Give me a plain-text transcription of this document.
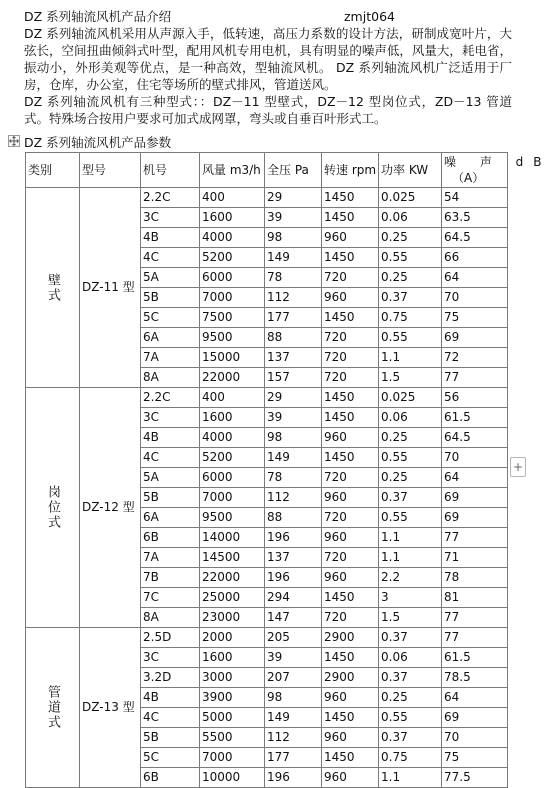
DZ 系列轴流风机产品介绍	zmjt064

DZ 系列轴流风机采用从声源入手，低转速，高压力系数的设计方法，研制成宽叶片，大弦长，空间扭曲倾斜式叶型，配用风机专用电机，具有明显的噪声低，风量大，耗电省，振动小，外形美观等优点，是一种高效，型轴流风机。 DZ 系列轴流风机广泛适用于厂房，仓库，办公室，住宅等场所的壁式排风，管道送风。

DZ 系列轴流风机有三种型式：：DZ－11 型壁式，DZ－12 型岗位式，ZD－13 管道式。特殊场合按用户要求可加式成网罩，弯头或自垂百叶形式工。

DZ 系列轴流风机产品参数
类别	型号	机号	风量 m3/h	全压 Pa	转速 rpm	功率 KW	噪 声 dB
（A）

壁式	DZ-11 型	2.2C	400	29	1450	0.025	54
		3C	1600	39	1450	0.06	63.5
		4B	4000	98	960	0.25	64.5
		4C	5200	149	1450	0.55	66
		5A	6000	78	720	0.25	64
		5B	7000	112	960	0.37	70
		5C	7500	177	1450	0.75	75
		6A	9500	88	720	0.55	69
		7A	15000	137	720	1.1	72
		8A	22000	157	720	1.5	77
岗位式	DZ-12 型	2.2C	400	29	1450	0.025	56
		3C	1600	39	1450	0.06	61.5
		4B	4000	98	960	0.25	64.5
		4C	5200	149	1450	0.55	70
		5A	6000	78	720	0.25	64
		5B	7000	112	960	0.37	69
		6A	9500	88	720	0.55	69
		6B	14000	196	960	1.1	77
		7A	14500	137	720	1.1	71
		7B	22000	196	960	2.2	78
		7C	25000	294	1450	3	81
		8A	23000	147	720	1.5	77
管道式	DZ-13 型	2.5D	2000	205	2900	0.37	77
		3C	1600	39	1450	0.06	61.5
		3.2D	3000	207	2900	0.37	78.5
		4B	3900	98	960	0.25	64
		4C	5000	149	1450	0.55	69
		5B	5500	112	960	0.37	70
		5C	7000	177	1450	0.75	75
		6B	10000	196	960	1.1	77.5
+
